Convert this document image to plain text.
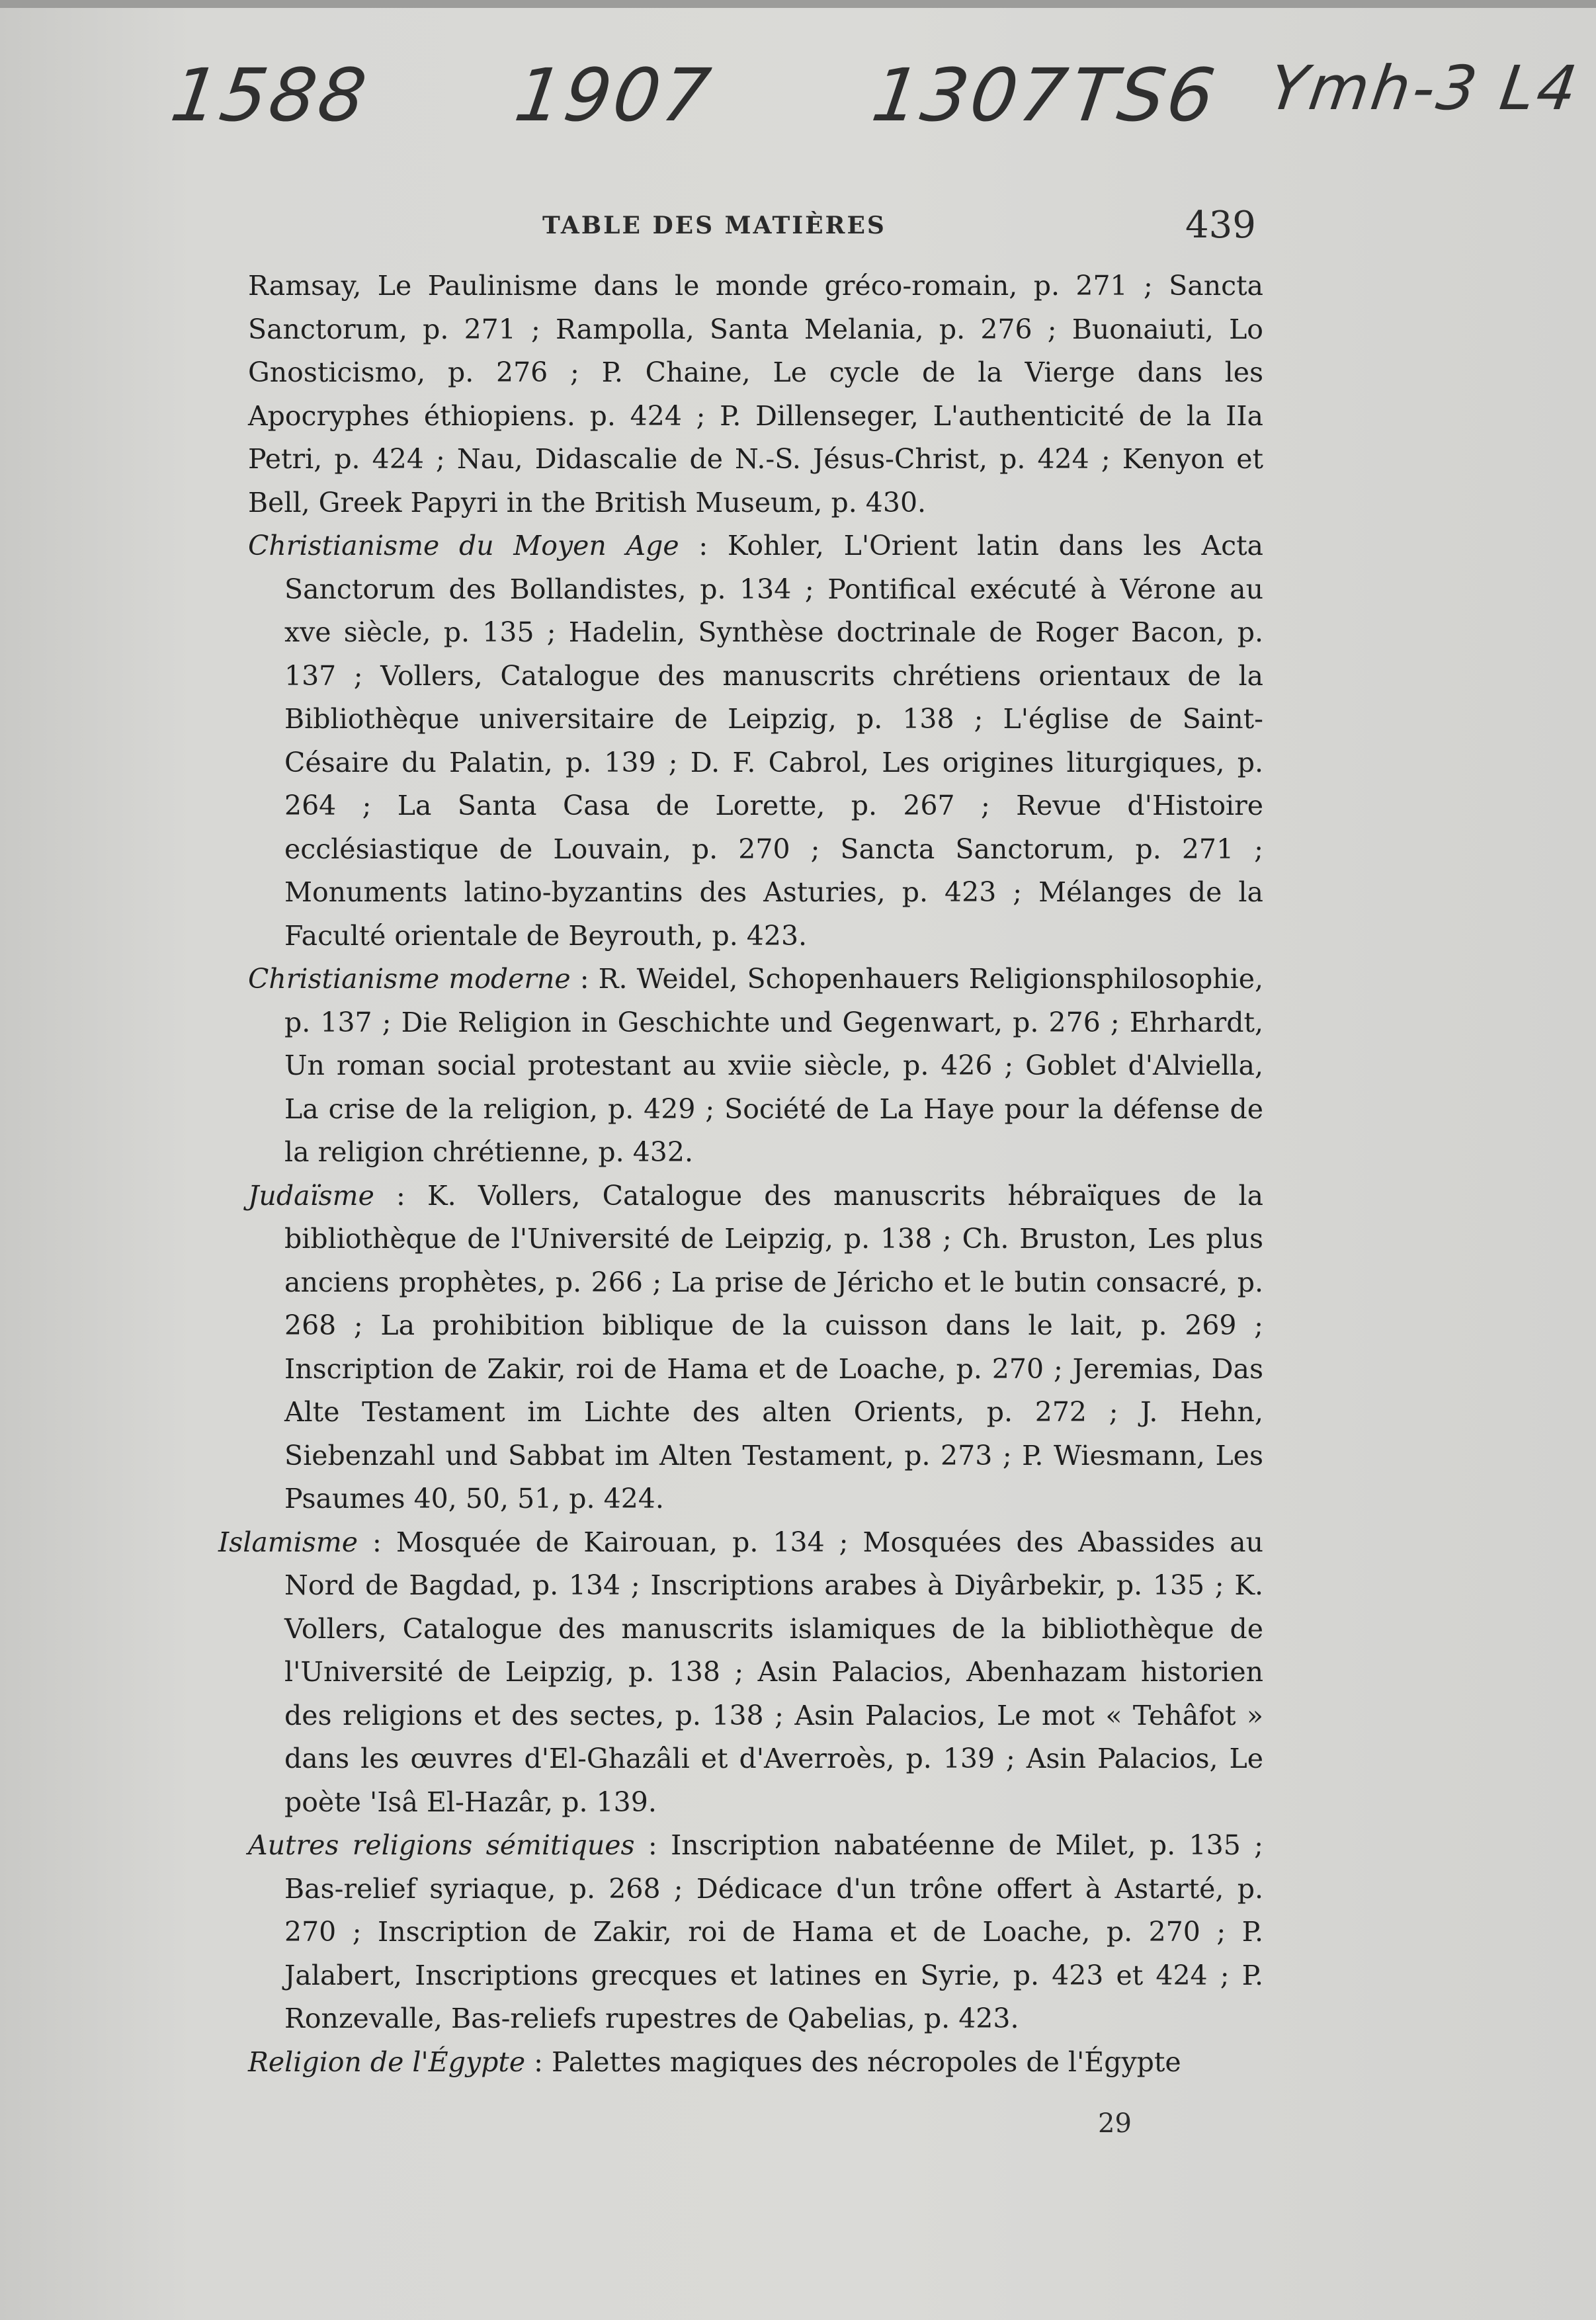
1588 1907 1307
TS6 Ymh-3 L4
TABLE DES MATIÈRES	439

Ramsay, Le Paulinisme dans le monde gréco-romain, p. 271 ; Sancta Sanctorum, p. 271 ; Rampolla, Santa Melania, p. 276 ; Buonaiuti, Lo Gnosticismo, p. 276 ; P. Chaine, Le cycle de la Vierge dans les Apocryphes éthiopiens. p. 424 ; P. Dillenseger, L'authenticité de la IIa Petri, p. 424 ; Nau, Didascalie de N.-S. Jésus-Christ, p. 424 ; Kenyon et Bell, Greek Papyri in the British Museum, p. 430.

Christianisme du Moyen Age : Kohler, L'Orient latin dans les Acta Sanctorum des Bollandistes, p. 134 ; Pontifical exécuté à Vérone au xve siècle, p. 135 ; Hadelin, Synthèse doctrinale de Roger Bacon, p. 137 ; Vollers, Catalogue des manuscrits chrétiens orientaux de la Bibliothèque universitaire de Leipzig, p. 138 ; L'église de Saint-Césaire du Palatin, p. 139 ; D. F. Cabrol, Les origines liturgiques, p. 264 ; La Santa Casa de Lorette, p. 267 ; Revue d'Histoire ecclésiastique de Louvain, p. 270 ; Sancta Sanctorum, p. 271 ; Monuments latino-byzantins des Asturies, p. 423 ; Mélanges de la Faculté orientale de Beyrouth, p. 423.

Christianisme moderne : R. Weidel, Schopenhauers Religionsphilosophie, p. 137 ; Die Religion in Geschichte und Gegenwart, p. 276 ; Ehrhardt, Un roman social protestant au xviie siècle, p. 426 ; Goblet d'Alviella, La crise de la religion, p. 429 ; Société de La Haye pour la défense de la religion chrétienne, p. 432.

Judaïsme : K. Vollers, Catalogue des manuscrits hébraïques de la bibliothèque de l'Université de Leipzig, p. 138 ; Ch. Bruston, Les plus anciens prophètes, p. 266 ; La prise de Jéricho et le butin consacré, p. 268 ; La prohibition biblique de la cuisson dans le lait, p. 269 ; Inscription de Zakir, roi de Hama et de Loache, p. 270 ; Jeremias, Das Alte Testament im Lichte des alten Orients, p. 272 ; J. Hehn, Siebenzahl und Sabbat im Alten Testament, p. 273 ; P. Wiesmann, Les Psaumes 40, 50, 51, p. 424.

Islamisme : Mosquée de Kairouan, p. 134 ; Mosquées des Abassides au Nord de Bagdad, p. 134 ; Inscriptions arabes à Diyârbekir, p. 135 ; K. Vollers, Catalogue des manuscrits islamiques de la bibliothèque de l'Université de Leipzig, p. 138 ; Asin Palacios, Abenhazam historien des religions et des sectes, p. 138 ; Asin Palacios, Le mot « Tehâfot » dans les œuvres d'El-Ghazâli et d'Averroès, p. 139 ; Asin Palacios, Le poète 'Isâ El-Hazâr, p. 139.

Autres religions sémitiques : Inscription nabatéenne de Milet, p. 135 ; Bas-relief syriaque, p. 268 ; Dédicace d'un trône offert à Astarté, p. 270 ; Inscription de Zakir, roi de Hama et de Loache, p. 270 ; P. Jalabert, Inscriptions grecques et latines en Syrie, p. 423 et 424 ; P. Ronzevalle, Bas-reliefs rupestres de Qabelias, p. 423.

Religion de l'Égypte : Palettes magiques des nécropoles de l'Égypte

29
